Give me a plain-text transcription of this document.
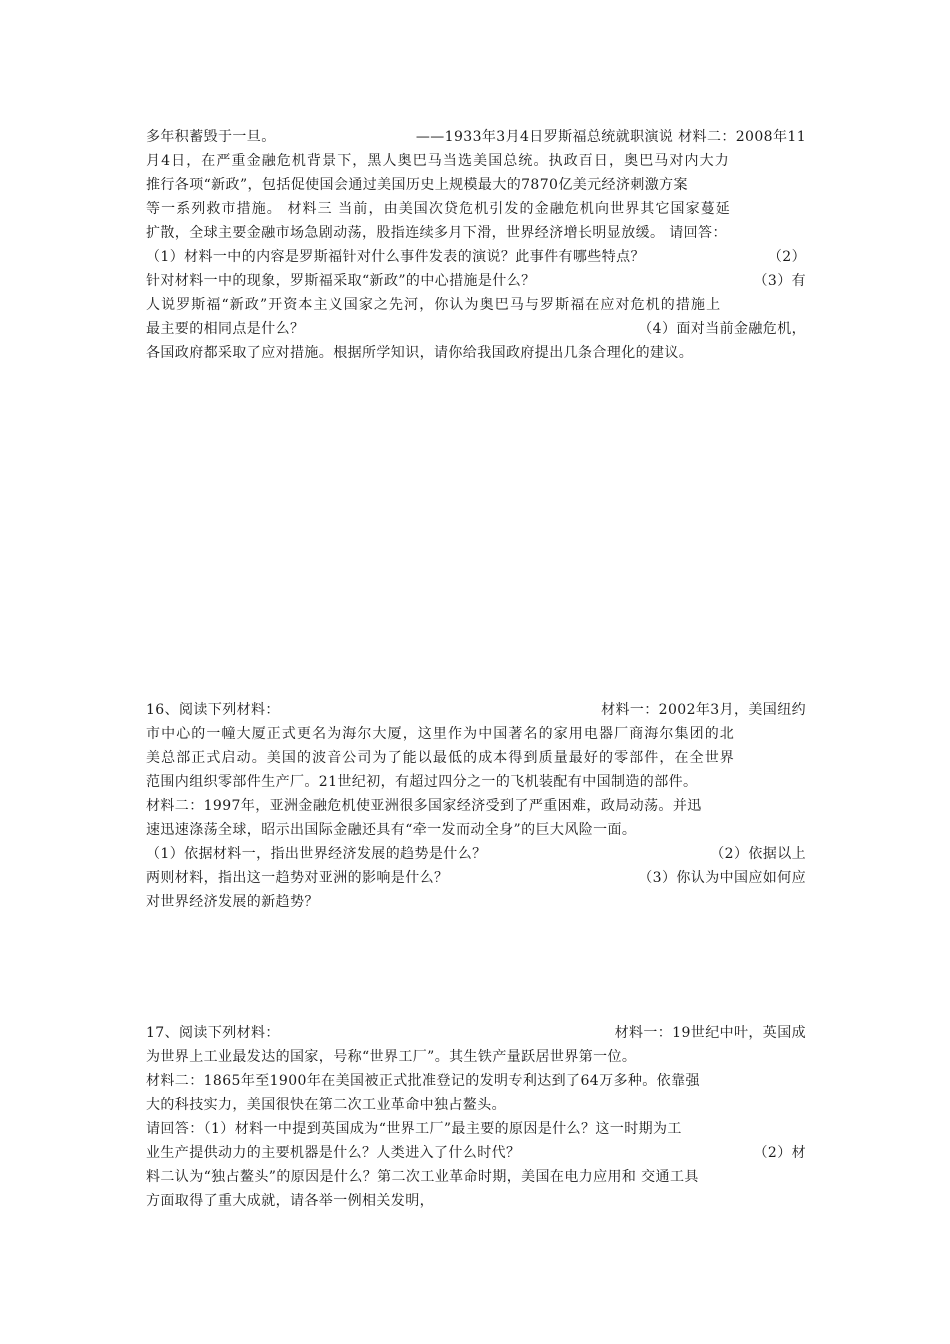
多年积蓄毁于一旦。	——1933年3月4日罗斯福总统就职演说 材料二：2008年11
月4日，在严重金融危机背景下，黑人奥巴马当选美国总统。执政百日，奥巴马对内大力
推行各项“新政”，包括促使国会通过美国历史上规模最大的7870亿美元经济刺激方案
等一系列救市措施。 材料三 当前，由美国次贷危机引发的金融危机向世界其它国家蔓延
扩散，全球主要金融市场急剧动荡，股指连续多月下滑，世界经济增长明显放缓。 请回答：
（1）材料一中的内容是罗斯福针对什么事件发表的演说？此事件有哪些特点？	（2）
针对材料一中的现象，罗斯福采取“新政”的中心措施是什么？	（3）有
人说罗斯福“新政”开资本主义国家之先河，你认为奥巴马与罗斯福在应对危机的措施上
最主要的相同点是什么？	（4）面对当前金融危机，
各国政府都采取了应对措施。根据所学知识，请你给我国政府提出几条合理化的建议。
16、阅读下列材料：	材料一：2002年3月，美国纽约
市中心的一幢大厦正式更名为海尔大厦，这里作为中国著名的家用电器厂商海尔集团的北
美总部正式启动。美国的波音公司为了能以最低的成本得到质量最好的零部件，在全世界
范围内组织零部件生产厂。21世纪初，有超过四分之一的飞机装配有中国制造的部件。
材料二：1997年，亚洲金融危机使亚洲很多国家经济受到了严重困难，政局动荡。并迅
速迅速涤荡全球，昭示出国际金融还具有“牵一发而动全身”的巨大风险一面。
（1）依据材料一，指出世界经济发展的趋势是什么？	（2）依据以上
两则材料，指出这一趋势对亚洲的影响是什么？	（3）你认为中国应如何应
对世界经济发展的新趋势？
17、阅读下列材料：	材料一：19世纪中叶，英国成
为世界上工业最发达的国家，号称“世界工厂”。其生铁产量跃居世界第一位。
材料二：1865年至1900年在美国被正式批准登记的发明专利达到了64万多种。依靠强
大的科技实力，美国很快在第二次工业革命中独占鳌头。
请回答：（1）材料一中提到英国成为“世界工厂”最主要的原因是什么？这一时期为工
业生产提供动力的主要机器是什么？人类进入了什么时代？	（2）材
料二认为“独占鳌头”的原因是什么？第二次工业革命时期，美国在电力应用和 交通工具
方面取得了重大成就，请各举一例相关发明，
